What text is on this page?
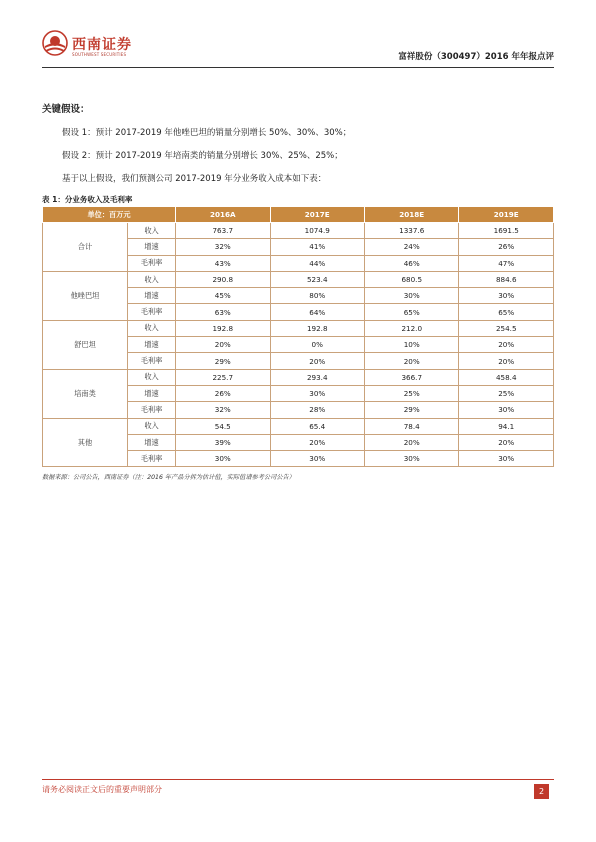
西南证券
SOUTHWEST SECURITIES	富祥股份（300497）2016 年年报点评
关键假设：
假设 1：预计 2017-2019 年他唑巴坦的销量分别增长 50%、30%、30%；
假设 2：预计 2017-2019 年培南类的销量分别增长 30%、25%、25%；
基于以上假设，我们预测公司 2017-2019 年分业务收入成本如下表：
表 1：分业务收入及毛利率
单位：百万元		2016A	2017E	2018E	2019E
合计	收入	763.7	1074.9	1337.6	1691.5
	增速	32%	41%	24%	26%
	毛利率	43%	44%	46%	47%
他唑巴坦	收入	290.8	523.4	680.5	884.6
	增速	45%	80%	30%	30%
	毛利率	63%	64%	65%	65%
舒巴坦	收入	192.8	192.8	212.0	254.5
	增速	20%	0%	10%	20%
	毛利率	29%	20%	20%	20%
培南类	收入	225.7	293.4	366.7	458.4
	增速	26%	30%	25%	25%
	毛利率	32%	28%	29%	30%
其他	收入	54.5	65.4	78.4	94.1
	增速	39%	20%	20%	20%
	毛利率	30%	30%	30%	30%
数据来源：公司公告，西南证券（注：2016 年产品分拆为估计值，实际值请参考公司公告）
请务必阅读正文后的重要声明部分	2
